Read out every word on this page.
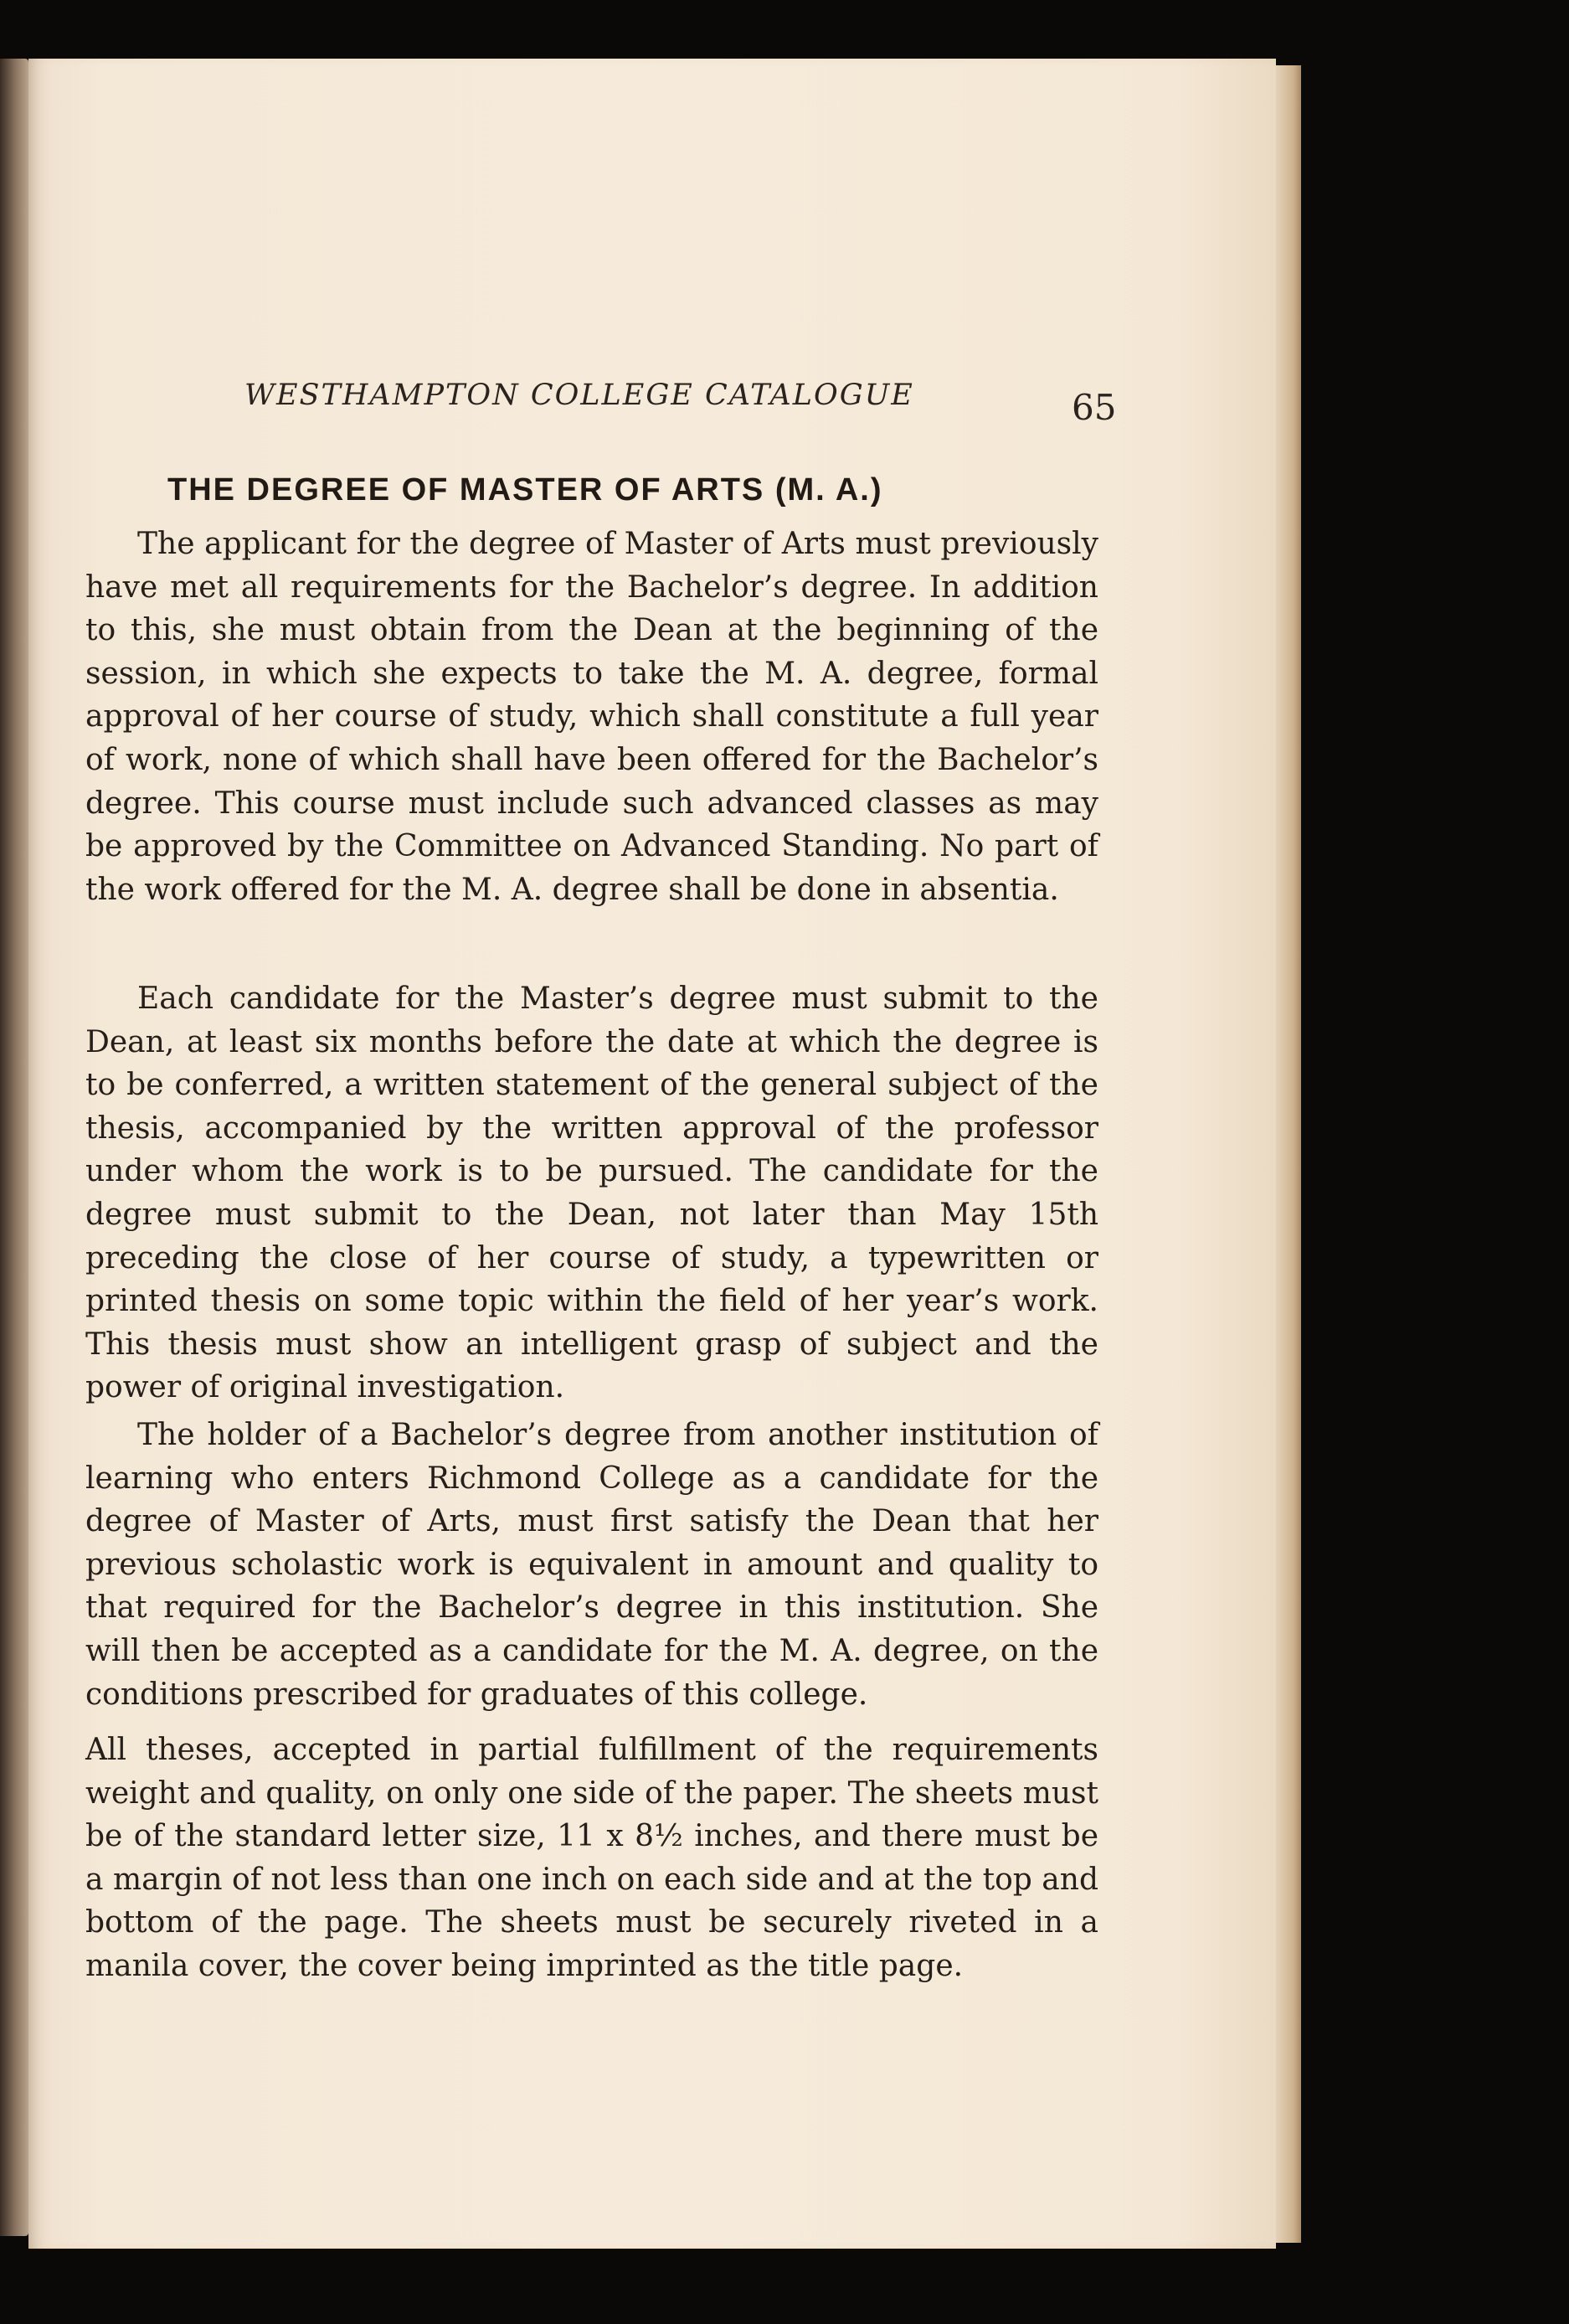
WESTHAMPTON COLLEGE CATALOGUE	65
THE DEGREE OF MASTER OF ARTS (M. A.)

The applicant for the degree of Master of Arts must previously have met all requirements for the Bachelor’s degree. In addition to this, she must obtain from the Dean at the beginning of the session, in which she expects to take the M. A. degree, formal approval of her course of study, which shall constitute a full year of work, none of which shall have been offered for the Bachelor’s degree. This course must include such advanced classes as may be approved by the Committee on Advanced Standing. No part of the work offered for the M. A. degree shall be done in absentia.

Each candidate for the Master’s degree must submit to the Dean, at least six months before the date at which the degree is to be conferred, a written statement of the general subject of the thesis, accompanied by the written approval of the professor under whom the work is to be pursued. The candidate for the degree must submit to the Dean, not later than May 15th preceding the close of her course of study, a typewritten or printed thesis on some topic within the field of her year’s work. This thesis must show an intelligent grasp of subject and the power of original investigation.

The holder of a Bachelor’s degree from another institution of learning who enters Richmond College as a candidate for the degree of Master of Arts, must first satisfy the Dean that her previous scholastic work is equivalent in amount and quality to that required for the Bachelor’s degree in this institution. She will then be accepted as a candidate for the M. A. degree, on the conditions prescribed for graduates of this college.

All theses, accepted in partial fulfillment of the requirements weight and quality, on only one side of the paper. The sheets must be of the standard letter size, 11 x 8½ inches, and there must be a margin of not less than one inch on each side and at the top and bottom of the page. The sheets must be securely riveted in a manila cover, the cover being imprinted as the title page.
